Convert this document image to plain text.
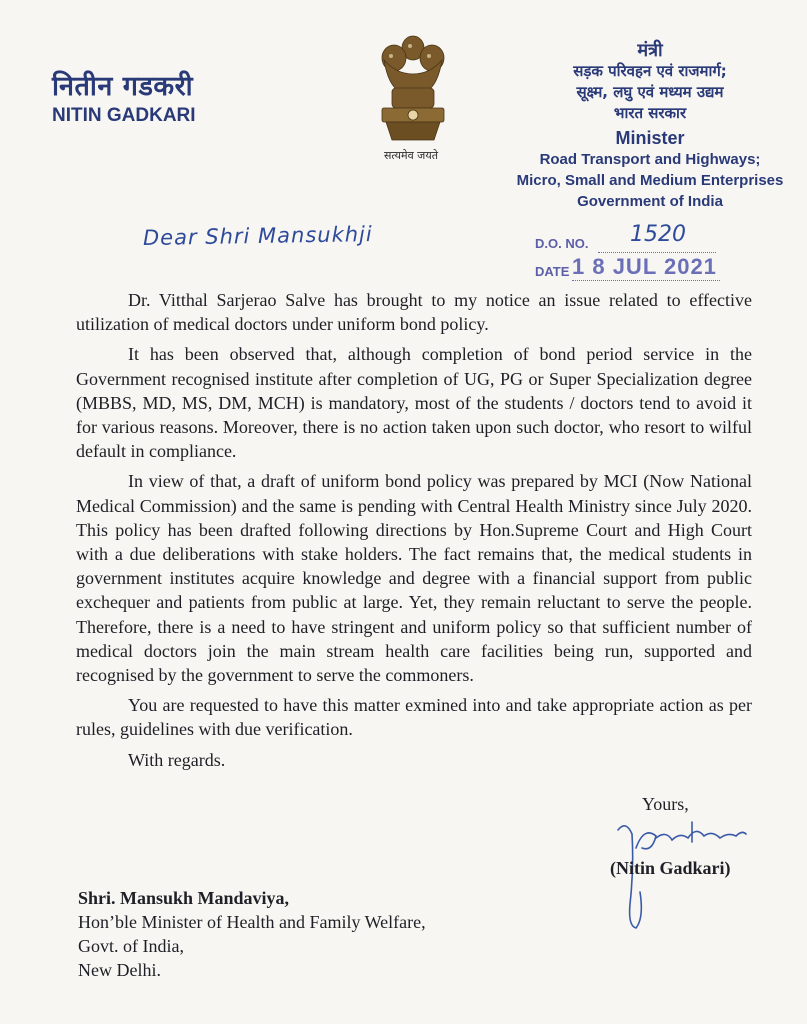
नितीन गडकरी
NITIN GADKARI
सत्यमेव जयते
मंत्री
सड़क परिवहन एवं राजमार्ग;
सूक्ष्म, लघु एवं मध्यम उद्यम
भारत सरकार
Minister
Road Transport and Highways;
Micro, Small and Medium Enterprises
Government of India
Dear Shri Mansukhji	D.O. NO. 1520
DATE 1 8 JUL 2021

Dr. Vitthal Sarjerao Salve has brought to my notice an issue related to effective utilization of medical doctors under uniform bond policy.

It has been observed that, although completion of bond period service in the Government recognised institute after completion of UG, PG or Super Specialization degree (MBBS, MD, MS, DM, MCH) is mandatory, most of the students / doctors tend to avoid it for various reasons. Moreover, there is no action taken upon such doctor, who resort to wilful default in compliance.

In view of that, a draft of uniform bond policy was prepared by MCI (Now National Medical Commission) and the same is pending with Central Health Ministry since July 2020. This policy has been drafted following directions by Hon.Supreme Court and High Court with a due deliberations with stake holders. The fact remains that, the medical students in government institutes acquire knowledge and degree with a financial support from public exchequer and patients from public at large. Yet, they remain reluctant to serve the people. Therefore, there is a need to have stringent and uniform policy so that sufficient number of medical doctors join the main stream health care facilities being run, supported and recognised by the government to serve the commoners.

You are requested to have this matter exmined into and take appropriate action as per rules, guidelines with due verification.

With regards.

Yours,
(Nitin Gadkari)
Shri. Mansukh Mandaviya,
Hon’ble Minister of Health and Family Welfare,
Govt. of India,
New Delhi.
